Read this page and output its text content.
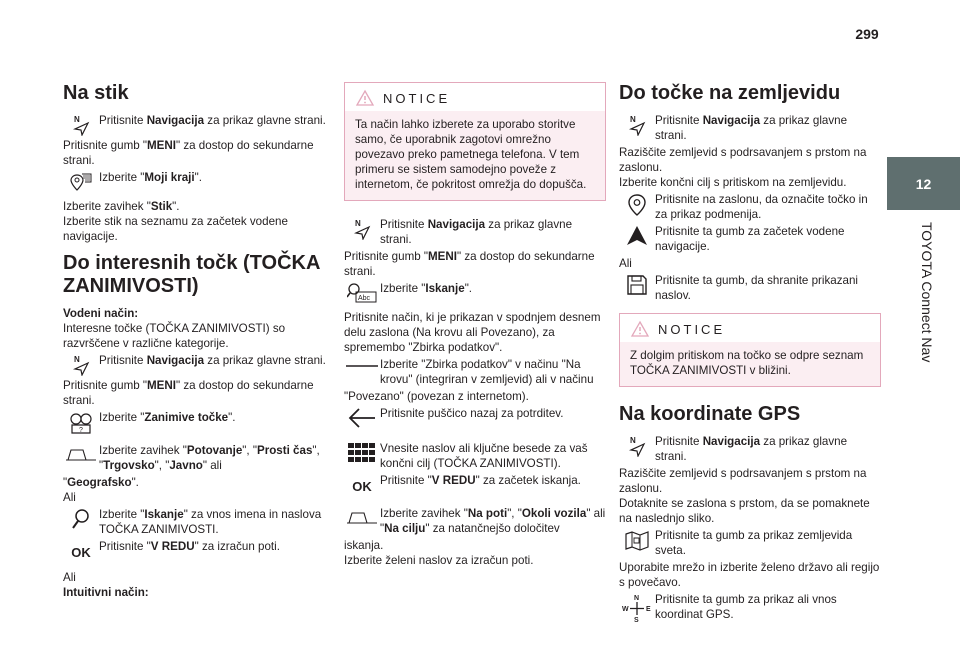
299
12
TOYOTA Connect Nav
Na stik
N Pritisnite Navigacija za prikaz glavne strani.

Pritisnite gumb "MENI" za dostop do sekundarne strani.

Izberite "Moji kraji".

Izberite zavihek "Stik".

Izberite stik na seznamu za začetek vodene navigacije.

Do interesnih točk (TOČKA
ZANIMIVOSTI)

Vodeni način:

Interesne točke (TOČKA ZANIMIVOSTI) so razvrščene v različne kategorije.

N Pritisnite Navigacija za prikaz glavne strani.

Pritisnite gumb "MENI" za dostop do sekundarne strani.

?
Izberite "Zanimive točke".
Izberite zavihek "Potovanje", "Prosti čas", "Trgovsko", "Javno" ali

"Geografsko".

Ali

Izberite "Iskanje" za vnos imena in naslova TOČKA ZANIMIVOSTI.
OK Pritisnite "V REDU" za izračun poti.

Ali

Intuitivni način:

NOTICE
Ta način lahko izberete za uporabo storitve samo, če uporabnik zagotovi omrežno povezavo preko pametnega telefona. V tem primeru se sistem samodejno poveže z internetom, če pokritost omrežja do dopušča.
N Pritisnite Navigacija za prikaz glavne strani.

Pritisnite gumb "MENI" za dostop do sekundarne strani.

Abc
Izberite "Iskanje".

Pritisnite način, ki je prikazan v spodnjem desnem delu zaslona (Na krovu ali Povezano), za spremembo "Zbirka podatkov".

Izberite "Zbirka podatkov" v načinu "Na krovu" (integriran v zemljevid) ali v načinu

"Povezano" (povezan z internetom).

Pritisnite puščico nazaj za potrditev.
Vnesite naslov ali ključne besede za vaš končni cilj (TOČKA ZANIMIVOSTI).
OK Pritisnite "V REDU" za začetek iskanja.
Izberite zavihek "Na poti", "Okoli vozila" ali "Na cilju" za natančnejšo določitev

iskanja.

Izberite želeni naslov za izračun poti.

Do točke na zemljevidu
N Pritisnite Navigacija za prikaz glavne strani.

Raziščite zemljevid s podrsavanjem s prstom na zaslonu.

Izberite končni cilj s pritiskom na zemljevidu.

Pritisnite na zaslonu, da označite točko in za prikaz podmenija.
Pritisnite ta gumb za začetek vodene navigacije.

Ali

Pritisnite ta gumb, da shranite prikazani naslov.
NOTICE
Z dolgim pritiskom na točko se odpre seznam TOČKA ZANIMIVOSTI v bližini.
Na koordinate GPS
N Pritisnite Navigacija za prikaz glavne strani.

Raziščite zemljevid s podrsavanjem s prstom na zaslonu.

Dotaknite se zaslona s prstom, da se pomaknete na naslednjo sliko.

Pritisnite ta gumb za prikaz zemljevida sveta.

Uporabite mrežo in izberite želeno državo ali regijo s povečavo.

N
S
W E
Pritisnite ta gumb za prikaz ali vnos koordinat GPS.
